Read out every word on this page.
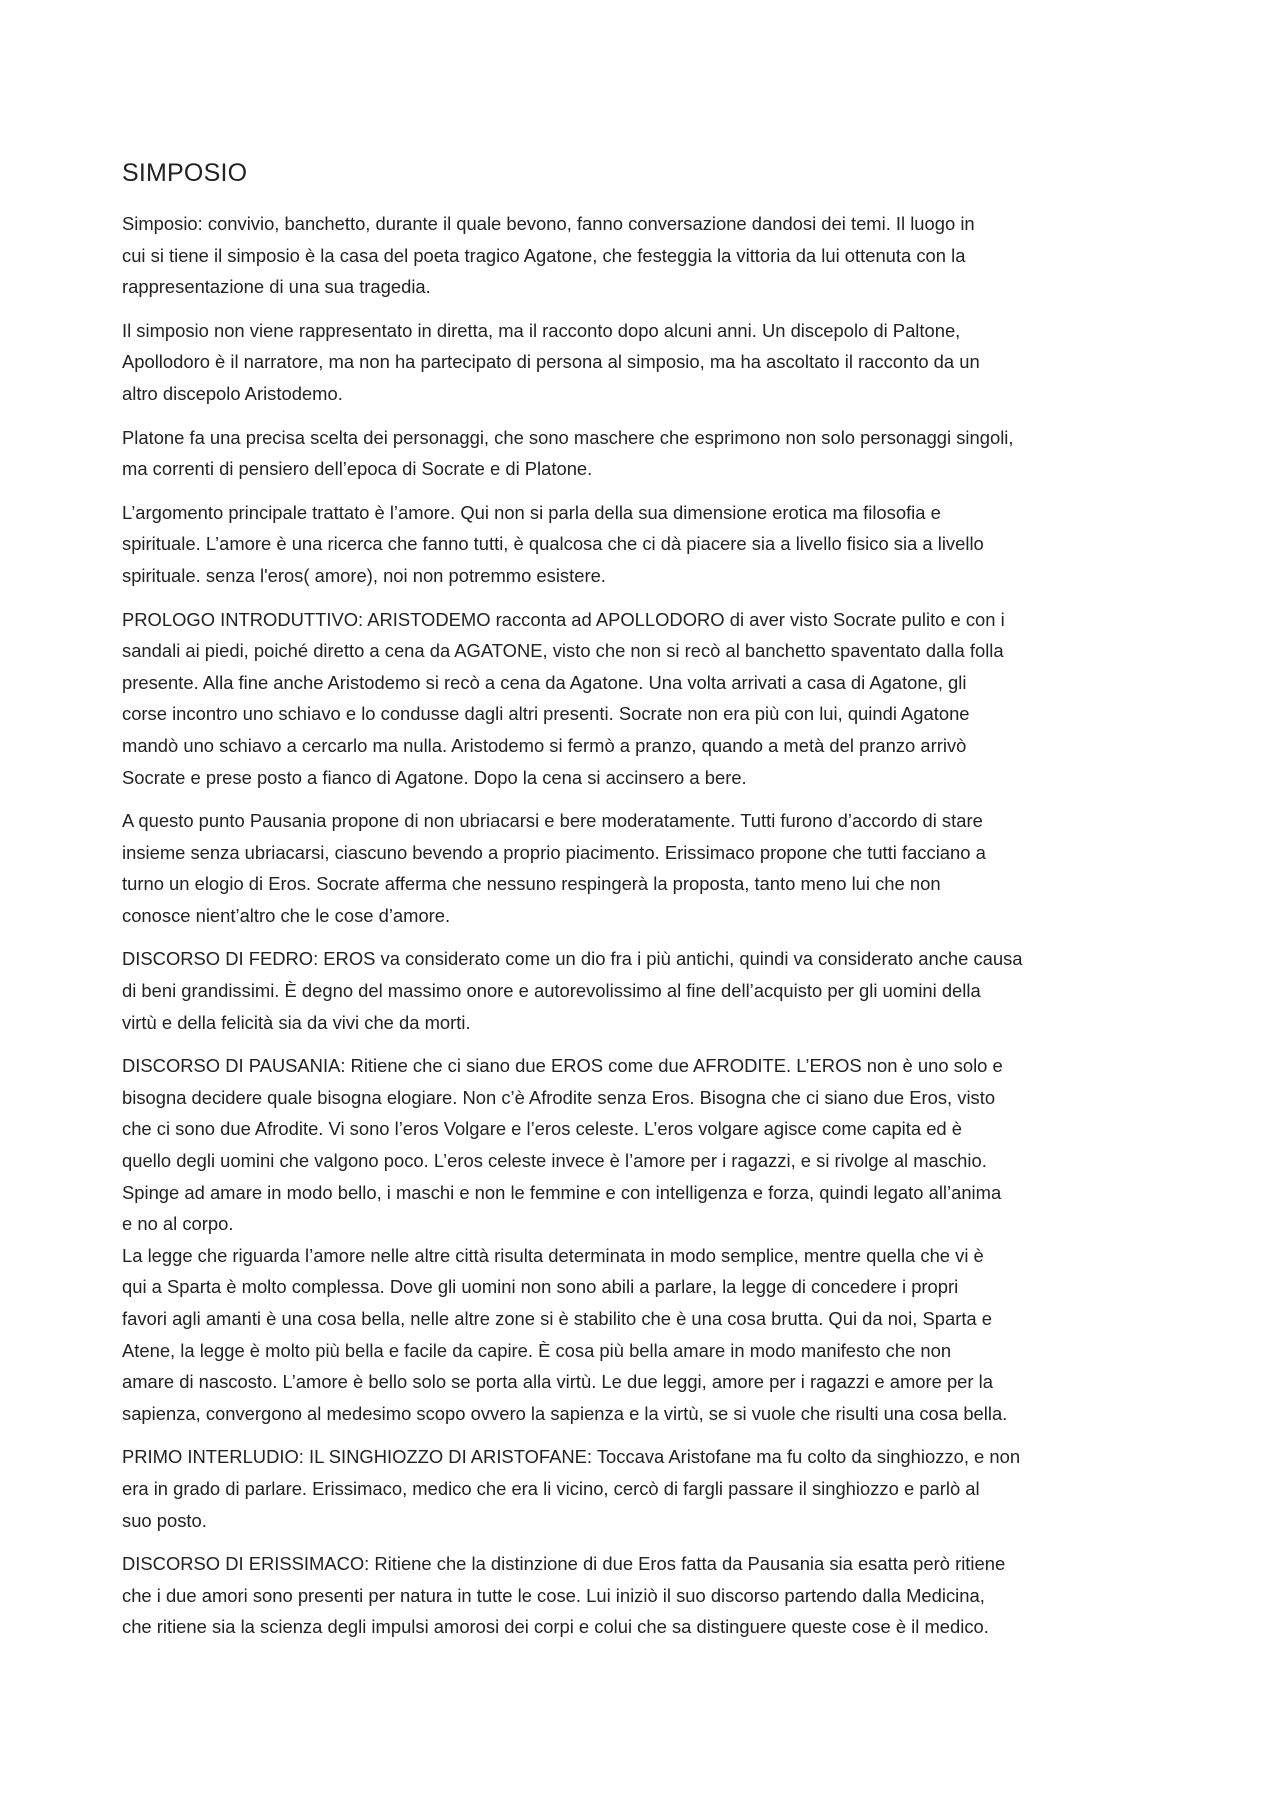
SIMPOSIO
Simposio: convivio, banchetto, durante il quale bevono, fanno conversazione dandosi dei temi. Il luogo in
cui si tiene il simposio è la casa del poeta tragico Agatone, che festeggia la vittoria da lui ottenuta con la
rappresentazione di una sua tragedia.
Il simposio non viene rappresentato in diretta, ma il racconto dopo alcuni anni. Un discepolo di Paltone,
Apollodoro è il narratore, ma non ha partecipato di persona al simposio, ma ha ascoltato il racconto da un
altro discepolo Aristodemo.
Platone fa una precisa scelta dei personaggi, che sono maschere che esprimono non solo personaggi singoli,
ma correnti di pensiero dell’epoca di Socrate e di Platone.
L’argomento principale trattato è l’amore. Qui non si parla della sua dimensione erotica ma filosofia e
spirituale. L’amore è una ricerca che fanno tutti, è qualcosa che ci dà piacere sia a livello fisico sia a livello
spirituale. senza l'eros( amore), noi non potremmo esistere.
PROLOGO INTRODUTTIVO: ARISTODEMO racconta ad APOLLODORO di aver visto Socrate pulito e con i
sandali ai piedi, poiché diretto a cena da AGATONE, visto che non si recò al banchetto spaventato dalla folla
presente. Alla fine anche Aristodemo si recò a cena da Agatone. Una volta arrivati a casa di Agatone, gli
corse incontro uno schiavo e lo condusse dagli altri presenti. Socrate non era più con lui, quindi Agatone
mandò uno schiavo a cercarlo ma nulla. Aristodemo si fermò a pranzo, quando a metà del pranzo arrivò
Socrate e prese posto a fianco di Agatone. Dopo la cena si accinsero a bere.
A questo punto Pausania propone di non ubriacarsi e bere moderatamente. Tutti furono d’accordo di stare
insieme senza ubriacarsi, ciascuno bevendo a proprio piacimento. Erissimaco propone che tutti facciano a
turno un elogio di Eros. Socrate afferma che nessuno respingerà la proposta, tanto meno lui che non
conosce nient’altro che le cose d’amore.
DISCORSO DI FEDRO: EROS va considerato come un dio fra i più antichi, quindi va considerato anche causa
di beni grandissimi. È degno del massimo onore e autorevolissimo al fine dell’acquisto per gli uomini della
virtù e della felicità sia da vivi che da morti.
DISCORSO DI PAUSANIA: Ritiene che ci siano due EROS come due AFRODITE. L’EROS non è uno solo e
bisogna decidere quale bisogna elogiare. Non c’è Afrodite senza Eros. Bisogna che ci siano due Eros, visto
che ci sono due Afrodite. Vi sono l’eros Volgare e l’eros celeste. L’eros volgare agisce come capita ed è
quello degli uomini che valgono poco. L’eros celeste invece è l’amore per i ragazzi, e si rivolge al maschio.
Spinge ad amare in modo bello, i maschi e non le femmine e con intelligenza e forza, quindi legato all’anima
e no al corpo.
La legge che riguarda l’amore nelle altre città risulta determinata in modo semplice, mentre quella che vi è
qui a Sparta è molto complessa. Dove gli uomini non sono abili a parlare, la legge di concedere i propri
favori agli amanti è una cosa bella, nelle altre zone si è stabilito che è una cosa brutta. Qui da noi, Sparta e
Atene, la legge è molto più bella e facile da capire. È cosa più bella amare in modo manifesto che non
amare di nascosto. L’amore è bello solo se porta alla virtù. Le due leggi, amore per i ragazzi e amore per la
sapienza, convergono al medesimo scopo ovvero la sapienza e la virtù, se si vuole che risulti una cosa bella.
PRIMO INTERLUDIO: IL SINGHIOZZO DI ARISTOFANE: Toccava Aristofane ma fu colto da singhiozzo, e non
era in grado di parlare. Erissimaco, medico che era li vicino, cercò di fargli passare il singhiozzo e parlò al
suo posto.
DISCORSO DI ERISSIMACO: Ritiene che la distinzione di due Eros fatta da Pausania sia esatta però ritiene
che i due amori sono presenti per natura in tutte le cose. Lui iniziò il suo discorso partendo dalla Medicina,
che ritiene sia la scienza degli impulsi amorosi dei corpi e colui che sa distinguere queste cose è il medico.
